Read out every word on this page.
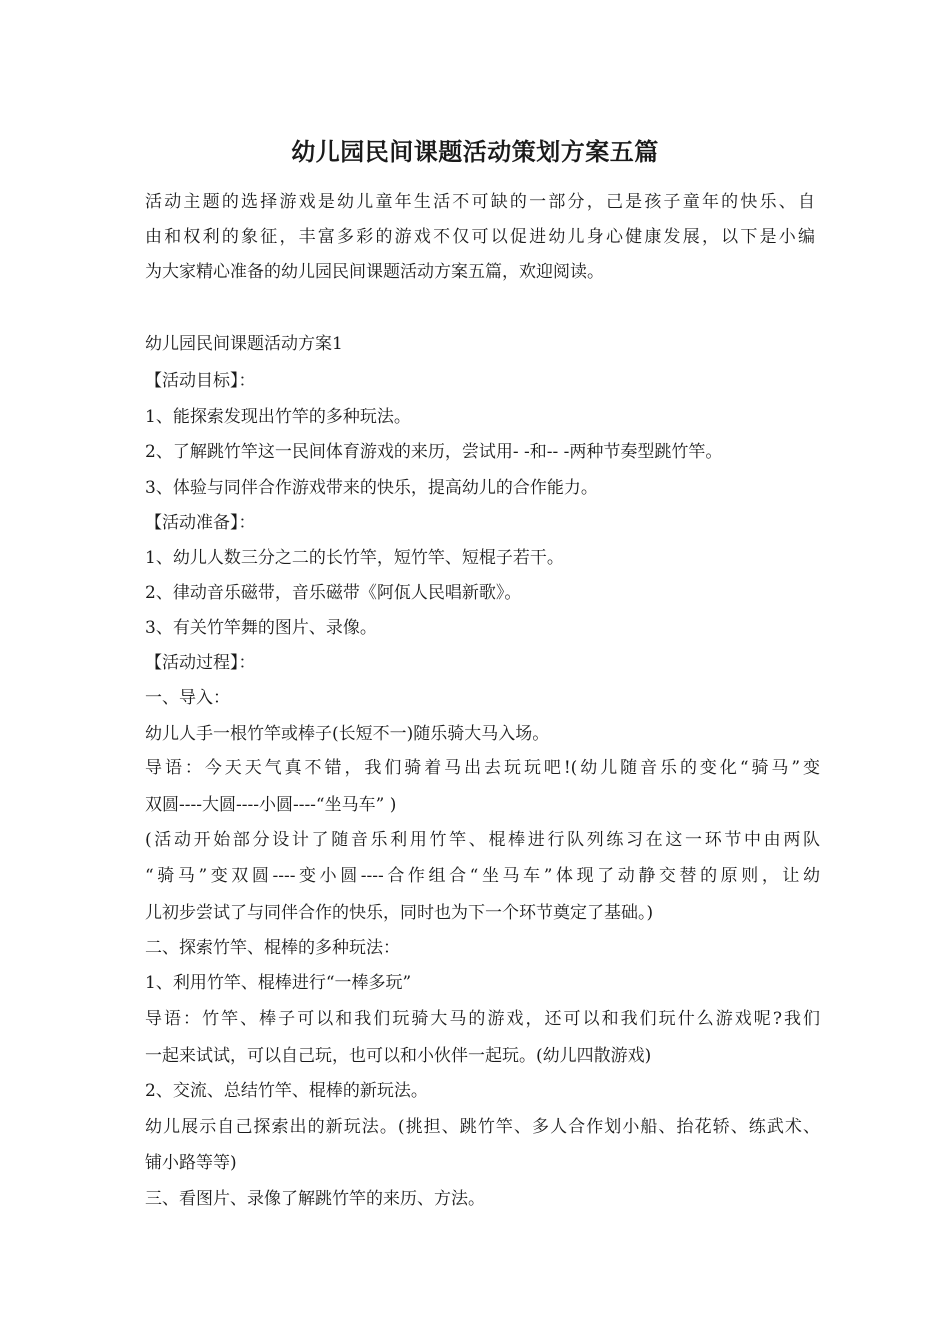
幼儿园民间课题活动策划方案五篇

活动主题的选择游戏是幼儿童年生活不可缺的一部分，己是孩子童年的快乐、自

由和权利的象征，丰富多彩的游戏不仅可以促进幼儿身心健康发展，以下是小编

为大家精心准备的幼儿园民间课题活动方案五篇，欢迎阅读。

幼儿园民间课题活动方案1
【活动目标】：
1、能探索发现出竹竿的多种玩法。
2、了解跳竹竿这一民间体育游戏的来历，尝试用- -和-- -两种节奏型跳竹竿。
3、体验与同伴合作游戏带来的快乐，提高幼儿的合作能力。
【活动准备】：
1、幼儿人数三分之二的长竹竿，短竹竿、短棍子若干。
2、律动音乐磁带，音乐磁带《阿佤人民唱新歌》。
3、有关竹竿舞的图片、录像。
【活动过程】：
一、导入：
幼儿人手一根竹竿或棒子(长短不一)随乐骑大马入场。
导语：今天天气真不错，我们骑着马出去玩玩吧!(幼儿随音乐的变化“骑马”变
双圆----大圆----小圆----“坐马车” )
(活动开始部分设计了随音乐利用竹竿、棍棒进行队列练习在这一环节中由两队
“骑马”变双圆----变小圆----合作组合“坐马车”体现了动静交替的原则，让幼
儿初步尝试了与同伴合作的快乐，同时也为下一个环节奠定了基础。)
二、探索竹竿、棍棒的多种玩法：
1、利用竹竿、棍棒进行“一棒多玩”
导语：竹竿、棒子可以和我们玩骑大马的游戏，还可以和我们玩什么游戏呢?我们
一起来试试，可以自己玩，也可以和小伙伴一起玩。(幼儿四散游戏)
2、交流、总结竹竿、棍棒的新玩法。
幼儿展示自己探索出的新玩法。(挑担、跳竹竿、多人合作划小船、抬花轿、练武术、
铺小路等等)
三、看图片、录像了解跳竹竿的来历、方法。
